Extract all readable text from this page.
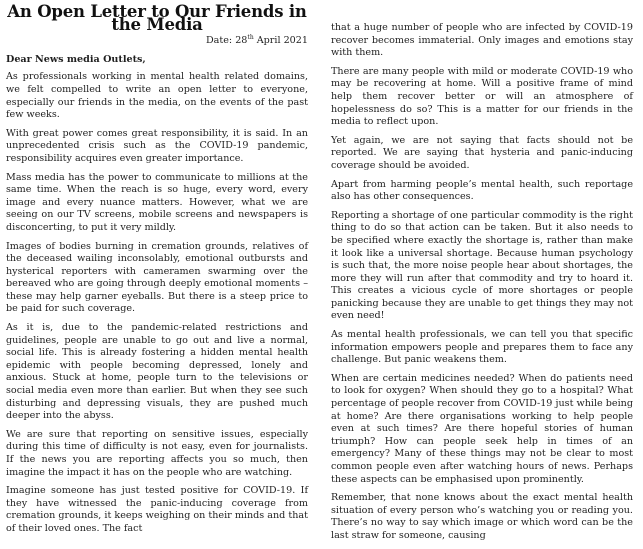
An Open Letter to Our Friends in the Media
Date: 28th April 2021
Dear News media Outlets,

As professionals working in mental health related domains, we felt compelled to write an open letter to everyone, especially our friends in the media, on the events of the past few weeks.

With great power comes great responsibility, it is said. In an unprecedented crisis such as the COVID-19 pandemic, responsibility acquires even greater importance.

Mass media has the power to communicate to millions at the same time. When the reach is so huge, every word, every image and every nuance matters. However, what we are seeing on our TV screens, mobile screens and newspapers is disconcerting, to put it very mildly.

Images of bodies burning in cremation grounds, relatives of the deceased wailing inconsolably, emotional outbursts and hysterical reporters with cameramen swarming over the bereaved who are going through deeply emotional moments – these may help garner eyeballs. But there is a steep price to be paid for such coverage.

As it is, due to the pandemic-related restrictions and guidelines, people are unable to go out and live a normal, social life. This is already fostering a hidden mental health epidemic with people becoming depressed, lonely and anxious. Stuck at home, people turn to the televisions or social media even more than earlier. But when they see such disturbing and depressing visuals, they are pushed much deeper into the abyss.

We are sure that reporting on sensitive issues, especially during this time of difficulty is not easy, even for journalists. If the news you are reporting affects you so much, then imagine the impact it has on the people who are watching.

Imagine someone has just tested positive for COVID-19. If they have witnessed the panic-inducing coverage from cremation grounds, it keeps weighing on their minds and that of their loved ones. The fact

that a huge number of people who are infected by COVID-19 recover becomes immaterial. Only images and emotions stay with them.

There are many people with mild or moderate COVID-19 who may be recovering at home. Will a positive frame of mind help them recover better or will an atmosphere of hopelessness do so? This is a matter for our friends in the media to reflect upon.

Yet again, we are not saying that facts should not be reported. We are saying that hysteria and panic-inducing coverage should be avoided.

Apart from harming people’s mental health, such reportage also has other consequences.

Reporting a shortage of one particular commodity is the right thing to do so that action can be taken. But it also needs to be specified where exactly the shortage is, rather than make it look like a universal shortage. Because human psychology is such that, the more noise people hear about shortages, the more they will run after that commodity and try to hoard it. This creates a vicious cycle of more shortages or people panicking because they are unable to get things they may not even need!

As mental health professionals, we can tell you that specific information empowers people and prepares them to face any challenge. But panic weakens them.

When are certain medicines needed? When do patients need to look for oxygen? When should they go to a hospital? What percentage of people recover from COVID-19 just while being at home? Are there organisations working to help people even at such times? Are there hopeful stories of human triumph? How can people seek help in times of an emergency? Many of these things may not be clear to most common people even after watching hours of news. Perhaps these aspects can be emphasised upon prominently.

Remember, that none knows about the exact mental health situation of every person who’s watching you or reading you. There’s no way to say which image or which word can be the last straw for someone, causing
